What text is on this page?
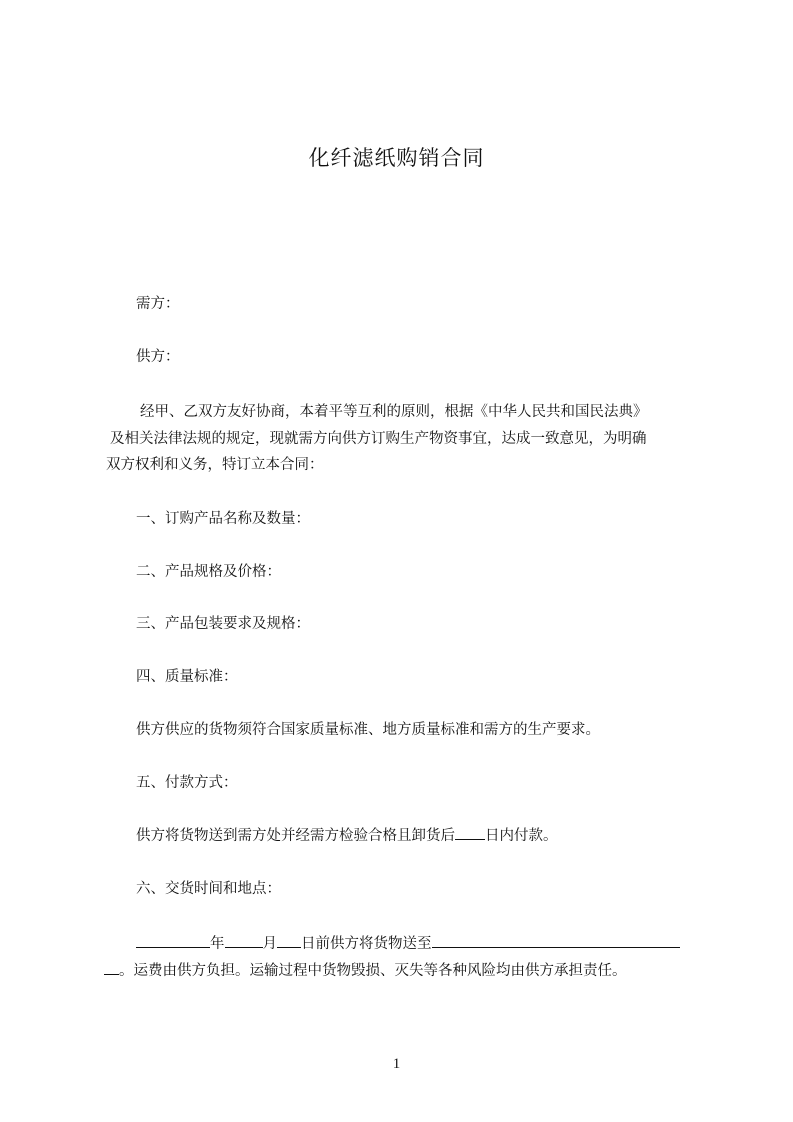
化纤滤纸购销合同
需方：
供方：
经甲、乙双方友好协商，本着平等互利的原则，根据《中华人民共和国民法典》
及相关法律法规的规定，现就需方向供方订购生产物资事宜，达成一致意见，为明确
双方权利和义务，特订立本合同：
一、订购产品名称及数量：
二、产品规格及价格：
三、产品包装要求及规格：
四、质量标准：
供方供应的货物须符合国家质量标准、地方质量标准和需方的生产要求。
五、付款方式：
供方将货物送到需方处并经需方检验合格且卸货后 日内付款。
六、交货时间和地点：
年	月 日前供方将货物送至
。运费由供方负担。运输过程中货物毁损、灭失等各种风险均由供方承担责任。
1
